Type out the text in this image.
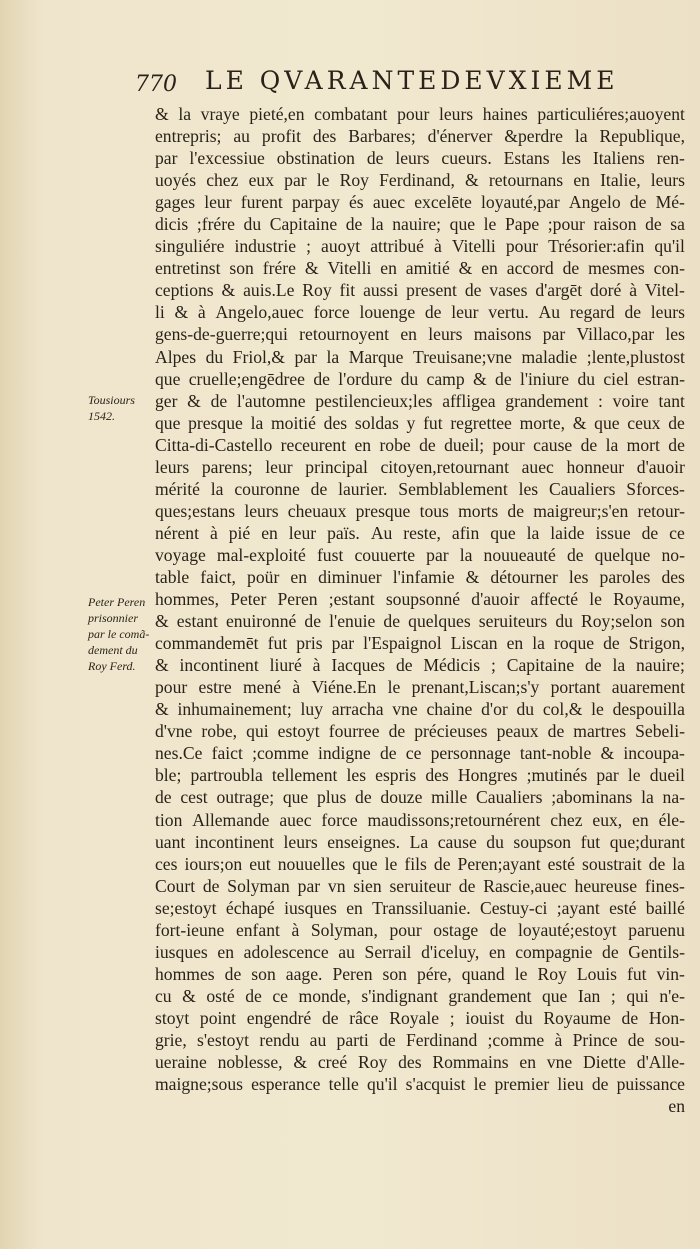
770 LE QVARANTEDEVXIEME
Tousiours
1542.
Peter Peren
prisonnier
par le comã-
dement du
Roy Ferd.
& la vraye pieté,en combatant pour leurs haines particuliéres;auoyent
entrepris; au profit des Barbares; d'énerver &perdre la Republique,
par l'excessiue obstination de leurs cueurs. Estans les Italiens ren-
uoyés chez eux par le Roy Ferdinand, & retournans en Italie, leurs
gages leur furent parpay és auec excelēte loyauté,par Angelo de Mé-
dicis ;frére du Capitaine de la nauire; que le Pape ;pour raison de sa
singuliére industrie ; auoyt attribué à Vitelli pour Trésorier:afin qu'il
entretinst son frére & Vitelli en amitié & en accord de mesmes con-
ceptions & auis.Le Roy fit aussi present de vases d'argēt doré à Vitel-
li & à Angelo,auec force louenge de leur vertu. Au regard de leurs
gens-de-guerre;qui retournoyent en leurs maisons par Villaco,par les
Alpes du Friol,& par la Marque Treuisane;vne maladie ;lente,plustost
que cruelle;engēdree de l'ordure du camp & de l'iniure du ciel estran-
ger & de l'automne pestilencieux;les affligea grandement : voire tant
que presque la moitié des soldas y fut regrettee morte, & que ceux de
Citta-di-Castello receurent en robe de dueil; pour cause de la mort de
leurs parens; leur principal citoyen,retournant auec honneur d'auoir
mérité la couronne de laurier. Semblablement les Caualiers Sforces-
ques;estans leurs cheuaux presque tous morts de maigreur;s'en retour-
nérent à pié en leur païs. Au reste, afin que la laide issue de ce
voyage mal-exploité fust couuerte par la nouueauté de quelque no-
table faict, poür en diminuer l'infamie & détourner les paroles des
hommes, Peter Peren ;estant soupsonné d'auoir affecté le Royaume,
& estant enuironné de l'enuie de quelques seruiteurs du Roy;selon son
commandemēt fut pris par l'Espaignol Liscan en la roque de Strigon,
& incontinent liuré à Iacques de Médicis ; Capitaine de la nauire;
pour estre mené à Viéne.En le prenant,Liscan;s'y portant auarement
& inhumainement; luy arracha vne chaine d'or du col,& le despouilla
d'vne robe, qui estoyt fourree de précieuses peaux de martres Sebeli-
nes.Ce faict ;comme indigne de ce personnage tant-noble & incoupa-
ble; partroubla tellement les espris des Hongres ;mutinés par le dueil
de cest outrage; que plus de douze mille Caualiers ;abominans la na-
tion Allemande auec force maudissons;retournérent chez eux, en éle-
uant incontinent leurs enseignes. La cause du soupson fut que;durant
ces iours;on eut nouuelles que le fils de Peren;ayant esté soustrait de la
Court de Solyman par vn sien seruiteur de Rascie,auec heureuse fines-
se;estoyt échapé iusques en Transsiluanie. Cestuy-ci ;ayant esté baillé
fort-ieune enfant à Solyman, pour ostage de loyauté;estoyt paruenu
iusques en adolescence au Serrail d'iceluy, en compagnie de Gentils-
hommes de son aage. Peren son pére, quand le Roy Louis fut vin-
cu & osté de ce monde, s'indignant grandement que Ian ; qui n'e-
stoyt point engendré de râce Royale ; iouist du Royaume de Hon-
grie, s'estoyt rendu au parti de Ferdinand ;comme à Prince de sou-
ueraine noblesse, & creé Roy des Rommains en vne Diette d'Alle-
maigne;sous esperance telle qu'il s'acquist le premier lieu de puissance
en
